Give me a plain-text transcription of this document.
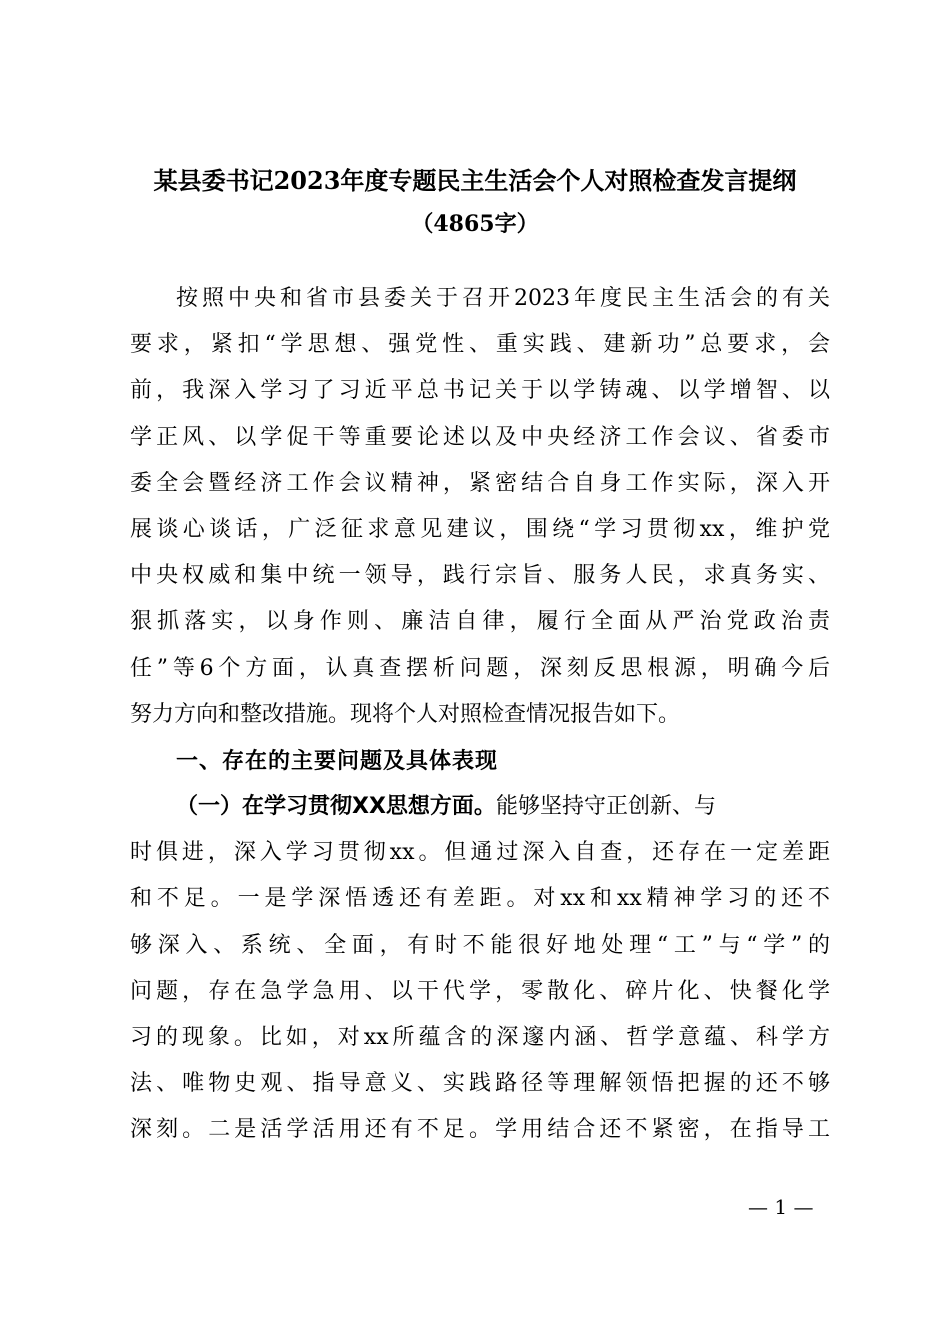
某县委书记2023年度专题民主生活会个人对照检查发言提纲
（4865字）
按照中央和省市县委关于召开2023年度民主生活会的有关
要求，紧扣“学思想、强党性、重实践、建新功”总要求，会
前，我深入学习了习近平总书记关于以学铸魂、以学增智、以
学正风、以学促干等重要论述以及中央经济工作会议、省委市
委全会暨经济工作会议精神，紧密结合自身工作实际，深入开
展谈心谈话，广泛征求意见建议，围绕“学习贯彻xx，维护党
中央权威和集中统一领导，践行宗旨、服务人民，求真务实、
狠抓落实，以身作则、廉洁自律，履行全面从严治党政治责
任”等6个方面，认真查摆析问题，深刻反思根源，明确今后
努力方向和整改措施。现将个人对照检查情况报告如下。
一、存在的主要问题及具体表现
（一）在学习贯彻XX思想方面。能够坚持守正创新、与
时俱进，深入学习贯彻xx。但通过深入自查，还存在一定差距
和不足。一是学深悟透还有差距。对xx和xx精神学习的还不
够深入、系统、全面，有时不能很好地处理“工”与“学”的
问题，存在急学急用、以干代学，零散化、碎片化、快餐化学
习的现象。比如，对xx所蕴含的深邃内涵、哲学意蕴、科学方
法、唯物史观、指导意义、实践路径等理解领悟把握的还不够
深刻。二是活学活用还有不足。学用结合还不紧密，在指导工
— 1 —
